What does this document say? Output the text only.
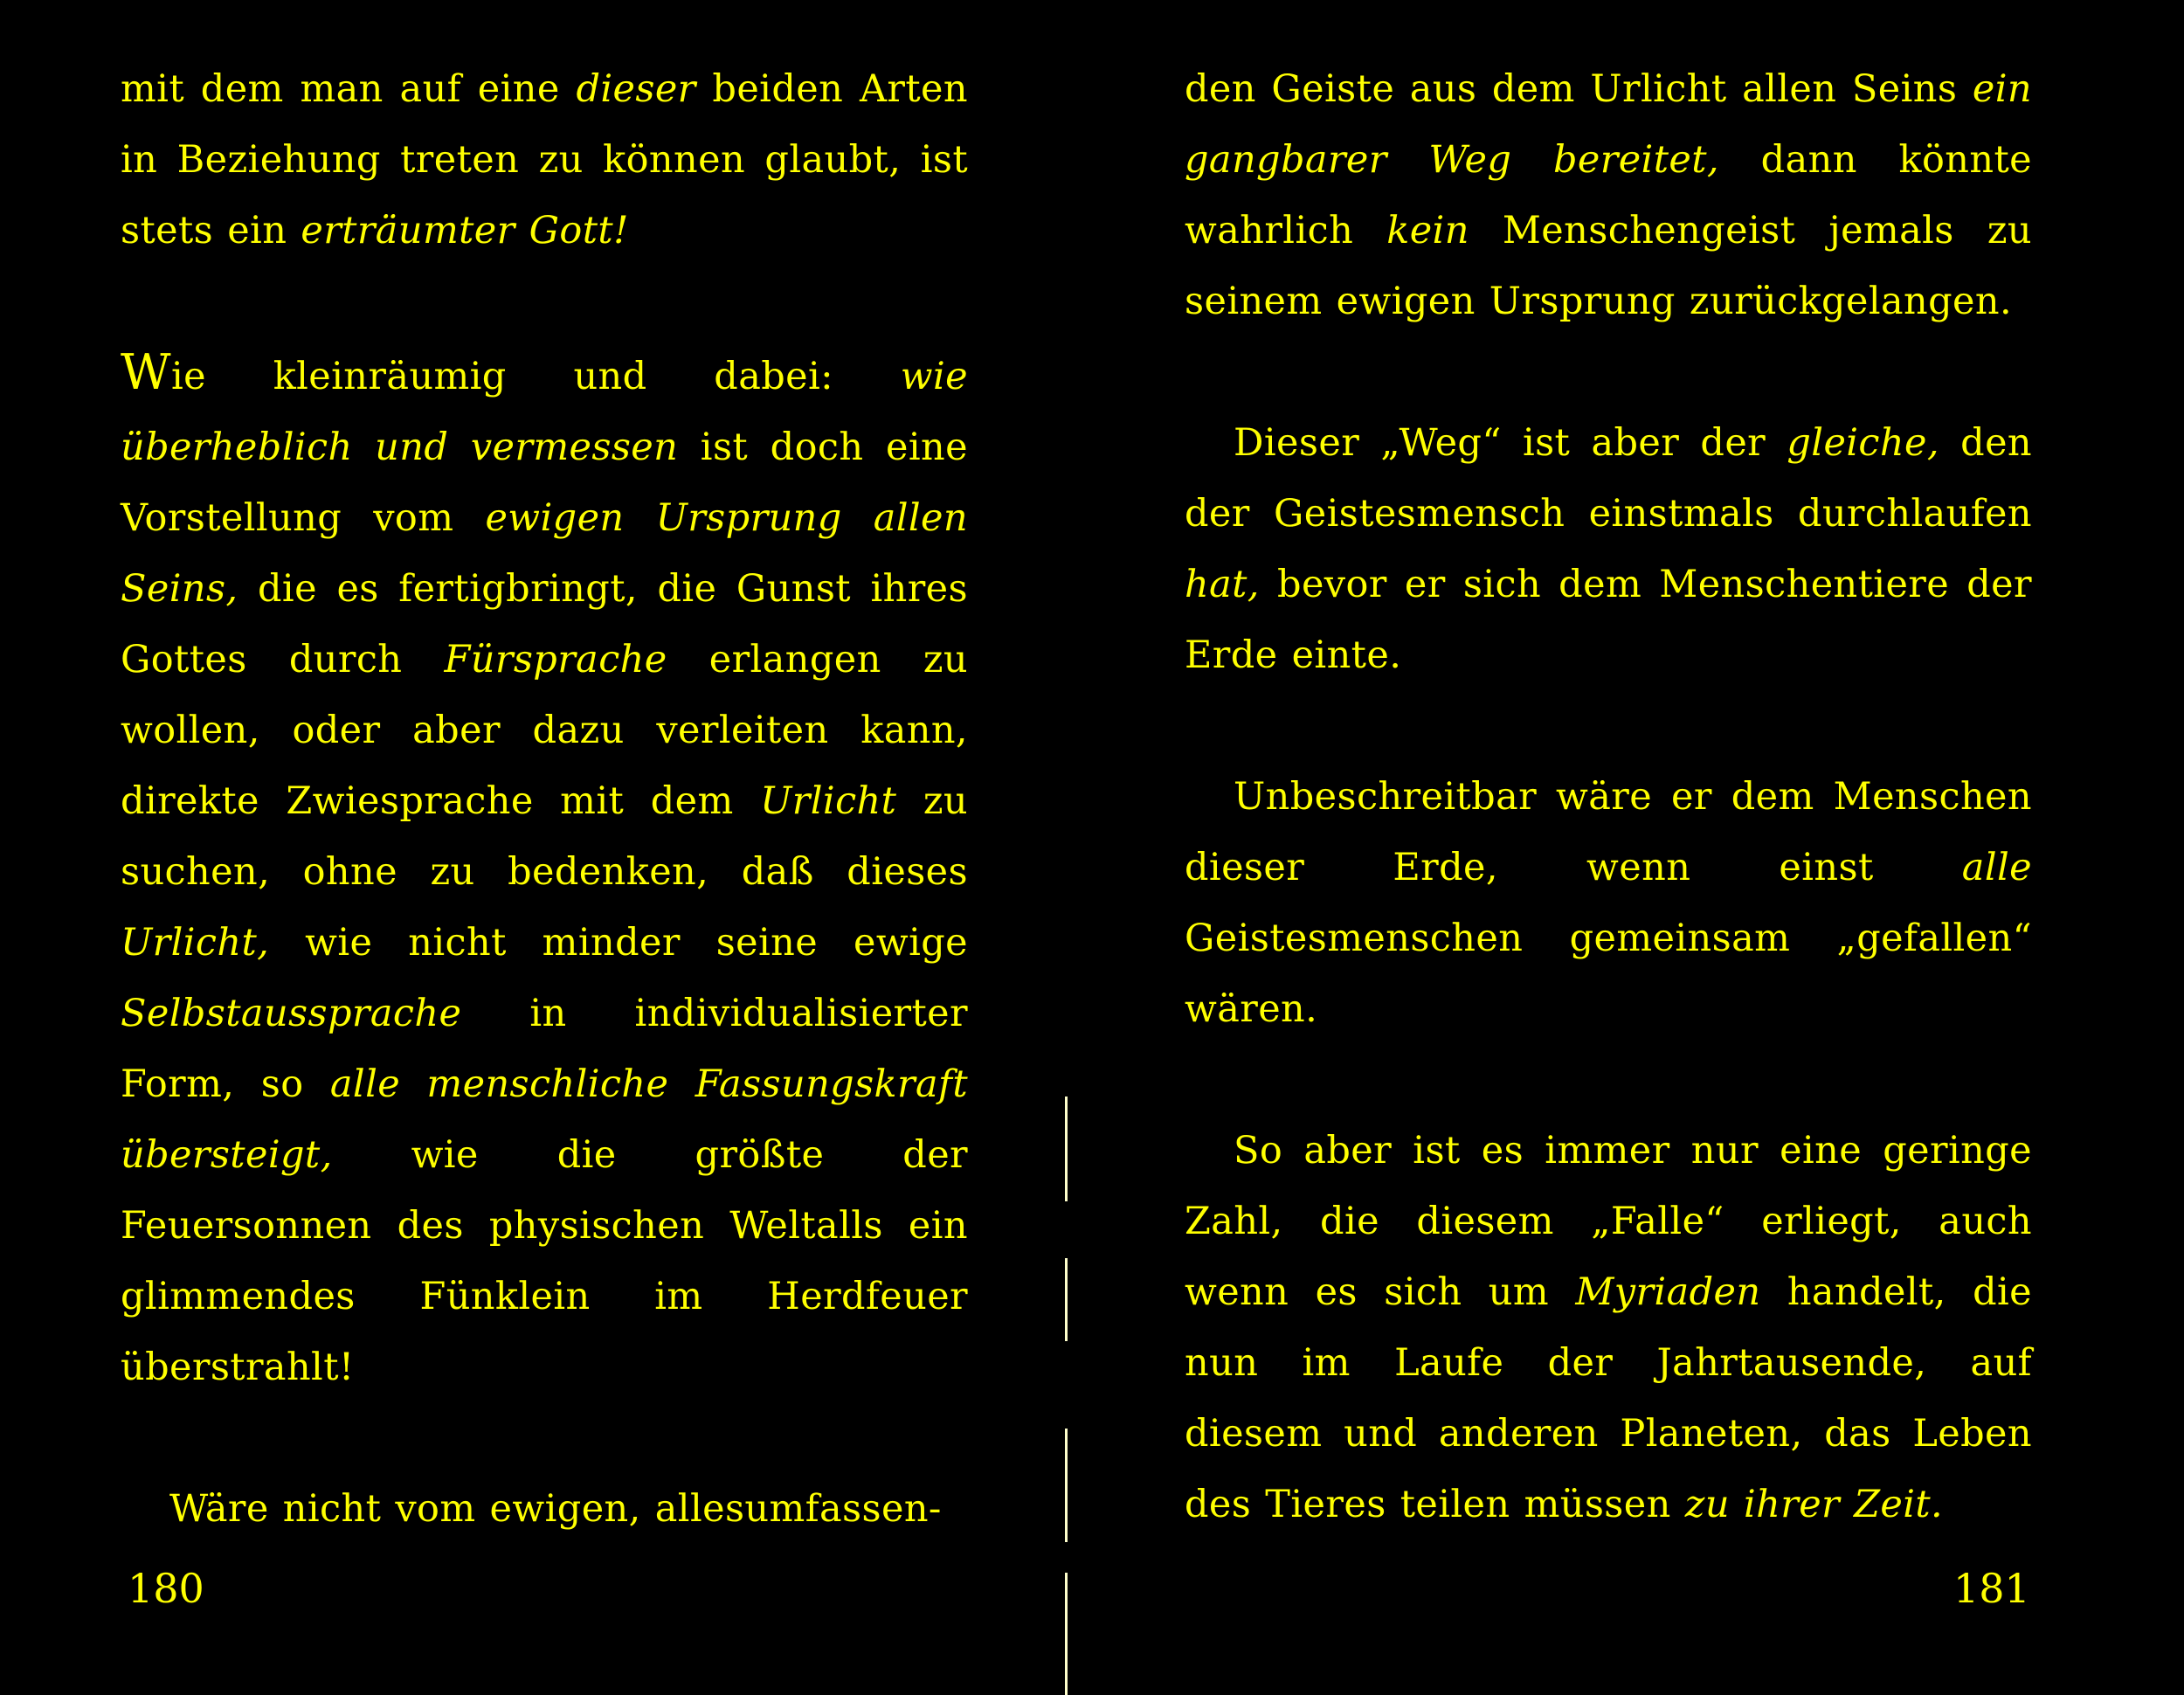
mit dem man auf eine dieser beiden Arten in Beziehung treten zu können glaubt, ist stets ein erträumter Gott!

Wie kleinräumig und dabei: wie überheblich und vermessen ist doch eine Vorstellung vom ewigen Ursprung allen Seins, die es fertigbringt, die Gunst ihres Gottes durch Fürsprache erlangen zu wollen, oder aber dazu verleiten kann, direkte Zwiesprache mit dem Urlicht zu suchen, ohne zu bedenken, daß dieses Urlicht, wie nicht minder seine ewige Selbstaussprache in individualisierter Form, so alle menschliche Fassungskraft übersteigt, wie die größte der Feuersonnen des physischen Weltalls ein glimmendes Fünklein im Herdfeuer überstrahlt!

Wäre nicht vom ewigen, allesumfassen-

den Geiste aus dem Urlicht allen Seins ein gangbarer Weg bereitet, dann könnte wahrlich kein Menschengeist jemals zu seinem ewigen Ursprung zurückgelangen.

Dieser „Weg“ ist aber der gleiche, den der Geistesmensch einstmals durchlaufen hat, bevor er sich dem Menschentiere der Erde einte.

Unbeschreitbar wäre er dem Menschen dieser Erde, wenn einst alle Geistesmenschen gemeinsam „gefallen“ wären.

So aber ist es immer nur eine geringe Zahl, die diesem „Falle“ erliegt, auch wenn es sich um Myriaden handelt, die nun im Laufe der Jahrtausende, auf diesem und anderen Planeten, das Leben des Tieres teilen müssen zu ihrer Zeit.

180	181
